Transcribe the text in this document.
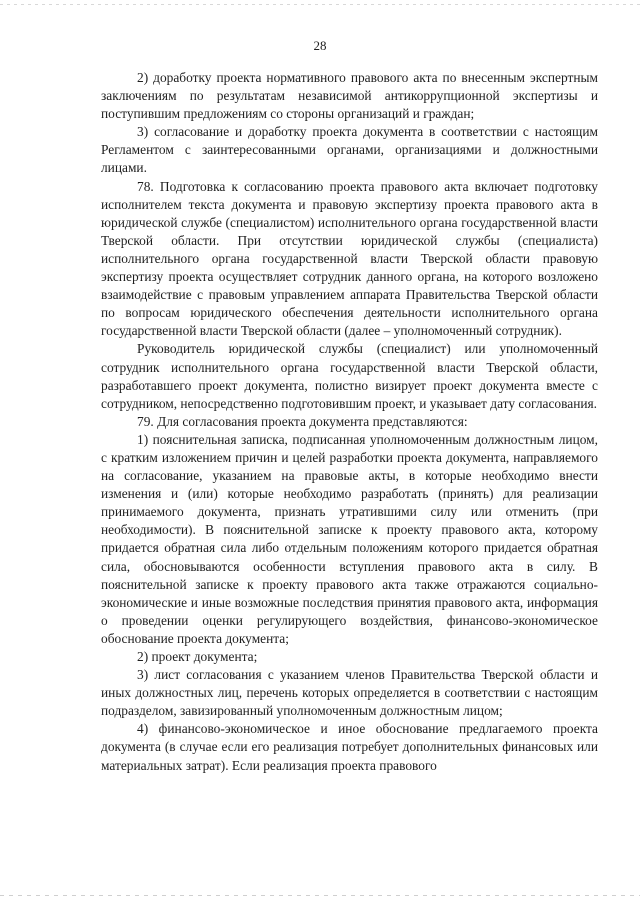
28

2) доработку проекта нормативного правового акта по внесенным экспертным заключениям по результатам независимой антикоррупционной экспертизы и поступившим предложениям со стороны организаций и граждан;

3) согласование и доработку проекта документа в соответствии с настоящим Регламентом с заинтересованными органами, организациями и должностными лицами.

78. Подготовка к согласованию проекта правового акта включает подготовку исполнителем текста документа и правовую экспертизу проекта правового акта в юридической службе (специалистом) исполнительного органа государственной власти Тверской области. При отсутствии юридической службы (специалиста) исполнительного органа государственной власти Тверской области правовую экспертизу проекта осуществляет сотрудник данного органа, на которого возложено взаимодействие с правовым управлением аппарата Правительства Тверской области по вопросам юридического обеспечения деятельности исполнительного органа государственной власти Тверской области (далее – уполномоченный сотрудник).

Руководитель юридической службы (специалист) или уполномоченный сотрудник исполнительного органа государственной власти Тверской области, разработавшего проект документа, полистно визирует проект документа вместе с сотрудником, непосредственно подготовившим проект, и указывает дату согласования.

79. Для согласования проекта документа представляются:

1) пояснительная записка, подписанная уполномоченным должностным лицом, с кратким изложением причин и целей разработки проекта документа, направляемого на согласование, указанием на правовые акты, в которые необходимо внести изменения и (или) которые необходимо разработать (принять) для реализации принимаемого документа, признать утратившими силу или отменить (при необходимости). В пояснительной записке к проекту правового акта, которому придается обратная сила либо отдельным положениям которого придается обратная сила, обосновываются особенности вступления правового акта в силу. В пояснительной записке к проекту правового акта также отражаются социально-экономические и иные возможные последствия принятия правового акта, информация о проведении оценки регулирующего воздействия, финансово-экономическое обоснование проекта документа;

2) проект документа;

3) лист согласования с указанием членов Правительства Тверской области и иных должностных лиц, перечень которых определяется в соответствии с настоящим подразделом, завизированный уполномоченным должностным лицом;

4) финансово-экономическое и иное обоснование предлагаемого проекта документа (в случае если его реализация потребует дополнительных финансовых или материальных затрат). Если реализация проекта правового
